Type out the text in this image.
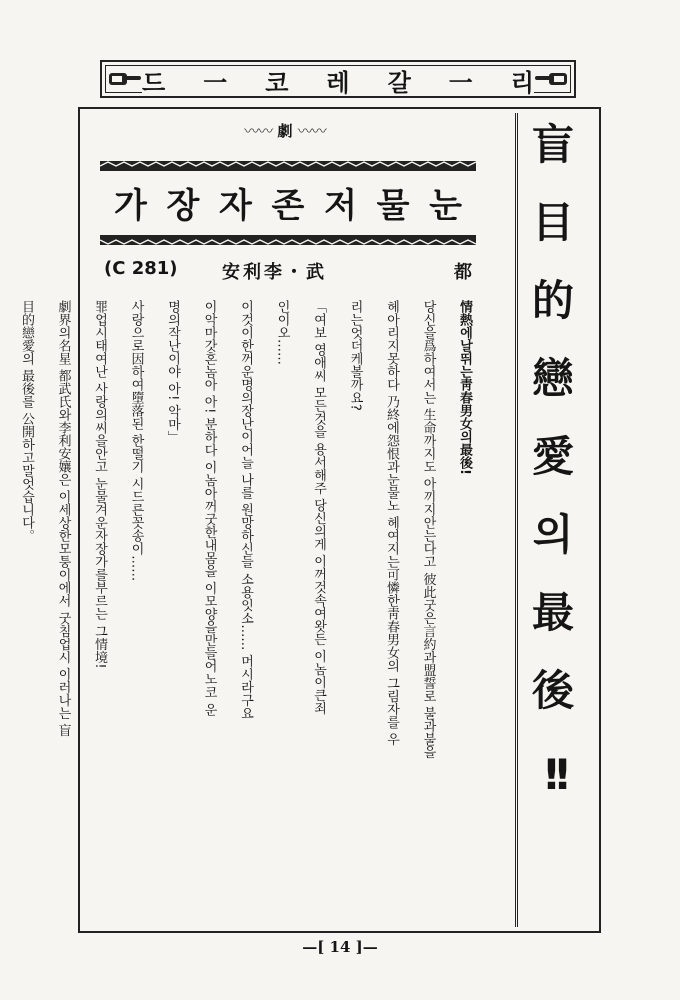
드 一 코 레 갈 一 리
〰〰 劇 〰〰
가 장 자 존 저 물 눈
(C 281) 安利李・武	都

情熱에날뛰는靑春男女의最後!

당신을爲하여서는 生命까지도 아끼지안는다고 彼此굿은言約과盟誓로 불과불을

헤아리지못하다 乃終에怨恨과눈물노 헤여지는可憐한靑春男女의 그림자를 우

리는엇더케볼까요?

「여보 영애씨 모든것을 용서해주 당신의게 이꺼것속여왓든 이놈이큰죄

인이오……

이것이한꺼운명의장난이어늘 나를 원망하신들 소용잇소…… 머시라구요

이악마갓혼놈아 아! 분하다 이놈아꺼굿한내몸을 이모양을만들어노코 운

명의작난이야 아! 악마」

사랑으로因하여墮落된 한떨기 시드른꼿송이……

罪업시태여난 사랑의씨을안고 눈물겨운자장가를부르는 그情境!

劇界의名星 都武氏와李利安孃은 이세상한모퉁이에서 굿침업시 이러나는 盲

目的戀愛의 最後를 公開하고말엇습니다。

盲
目
的
戀
愛
의
最
後
!!
—[ 14 ]—
